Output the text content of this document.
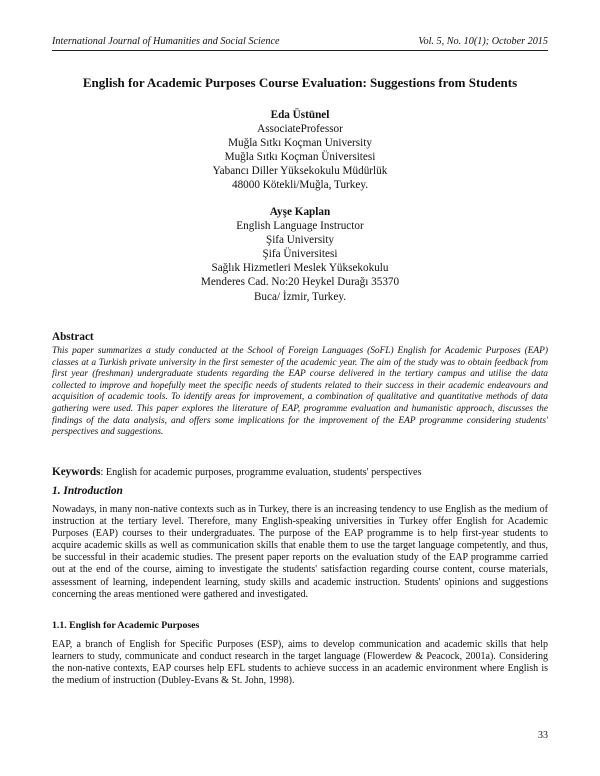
International Journal of Humanities and Social Science	Vol. 5, No. 10(1); October 2015
English for Academic Purposes Course Evaluation: Suggestions from Students
Eda Üstünel
AssociateProfessor
Muğla Sıtkı Koçman University
Muğla Sıtkı Koçman Üniversitesi
Yabancı Diller Yüksekokulu Müdürlük
48000 Kötekli/Muğla, Turkey.
Ayşe Kaplan
English Language Instructor
Şifa University
Şifa Üniversitesi
Sağlık Hizmetleri Meslek Yüksekokulu
Menderes Cad. No:20 Heykel Durağı 35370
Buca/ İzmir, Turkey.
Abstract
This paper summarizes a study conducted at the School of Foreign Languages (SoFL) English for Academic Purposes (EAP) classes at a Turkish private university in the first semester of the academic year. The aim of the study was to obtain feedback from first year (freshman) undergraduate students regarding the EAP course delivered in the tertiary campus and utilise the data collected to improve and hopefully meet the specific needs of students related to their success in their academic endeavours and acquisition of academic tools. To identify areas for improvement, a combination of qualitative and quantitative methods of data gathering were used. This paper explores the literature of EAP, programme evaluation and humanistic approach, discusses the findings of the data analysis, and offers some implications for the improvement of the EAP programme considering students' perspectives and suggestions.
Keywords: English for academic purposes, programme evaluation, students' perspectives
1. Introduction
Nowadays, in many non-native contexts such as in Turkey, there is an increasing tendency to use English as the medium of instruction at the tertiary level. Therefore, many English-speaking universities in Turkey offer English for Academic Purposes (EAP) courses to their undergraduates. The purpose of the EAP programme is to help first-year students to acquire academic skills as well as communication skills that enable them to use the target language competently, and thus, be successful in their academic studies. The present paper reports on the evaluation study of the EAP programme carried out at the end of the course, aiming to investigate the students' satisfaction regarding course content, course materials, assessment of learning, independent learning, study skills and academic instruction. Students' opinions and suggestions concerning the areas mentioned were gathered and investigated.
1.1. English for Academic Purposes
EAP, a branch of English for Specific Purposes (ESP), aims to develop communication and academic skills that help learners to study, communicate and conduct research in the target language (Flowerdew & Peacock, 2001a). Considering the non-native contexts, EAP courses help EFL students to achieve success in an academic environment where English is the medium of instruction (Dubley-Evans & St. John, 1998).
33
